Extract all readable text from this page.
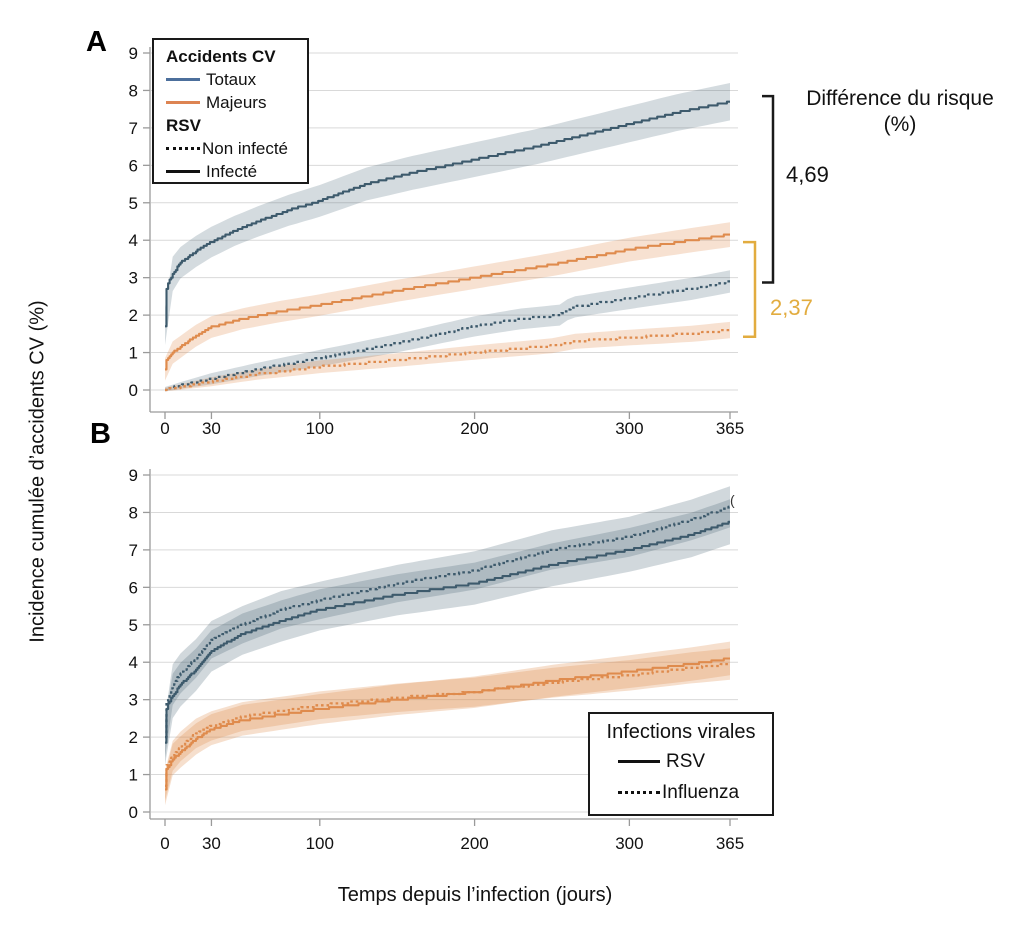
0
1
2
3
4
5
6
7
8
9
0 30	100	200	300	365
0
1
2
3
4
5
6
7
8
9
0 30	100	200	300	365
A
B
Incidence cumulée d’accidents CV (%)
Temps depuis l’infection (jours)
Différence du risque
(%)
4,69
2,37
(
Accidents CV
Totaux
Majeurs
RSV
Non infecté
Infecté
Infections virales
RSV
Influenza
